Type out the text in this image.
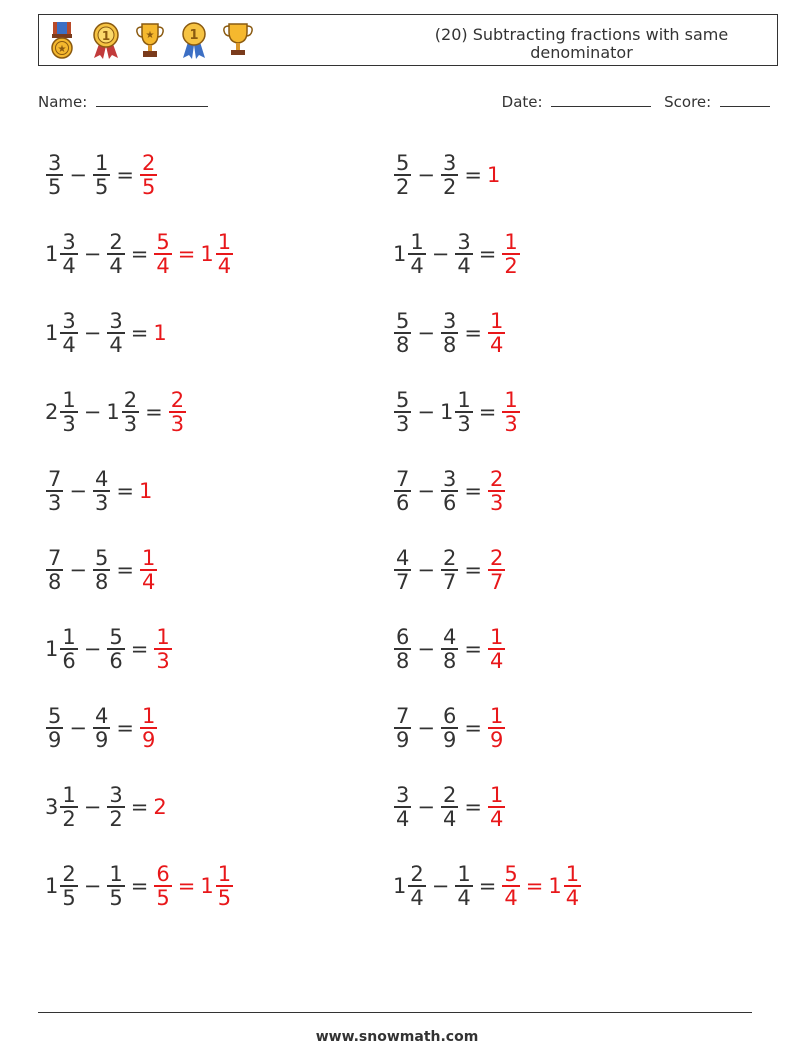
★
1	★	1	(20) Subtracting fractions with same denominator
Name:	Date:	Score:
$\frac{3}{5} - \frac{1}{5} = \frac{2}{5}$	$\frac{5}{2} - \frac{3}{2} = 1$
$1 \frac{3}{4} - \frac{2}{4} = \frac{5}{4} = 1 \frac{1}{4}$	$1 \frac{1}{4} - \frac{3}{4} = \frac{1}{2}$
$1 \frac{3}{4} - \frac{3}{4} = 1$	$\frac{5}{8} - \frac{3}{8} = \frac{1}{4}$
$2 \frac{1}{3} - 1 \frac{2}{3} = \frac{2}{3}$	$\frac{5}{3} - 1 \frac{1}{3} = \frac{1}{3}$
$\frac{7}{3} - \frac{4}{3} = 1$	$\frac{7}{6} - \frac{3}{6} = \frac{2}{3}$
$\frac{7}{8} - \frac{5}{8} = \frac{1}{4}$	$\frac{4}{7} - \frac{2}{7} = \frac{2}{7}$
$1 \frac{1}{6} - \frac{5}{6} = \frac{1}{3}$	$\frac{6}{8} - \frac{4}{8} = \frac{1}{4}$
$\frac{5}{9} - \frac{4}{9} = \frac{1}{9}$	$\frac{7}{9} - \frac{6}{9} = \frac{1}{9}$
$3 \frac{1}{2} - \frac{3}{2} = 2$	$\frac{3}{4} - \frac{2}{4} = \frac{1}{4}$
$1 \frac{2}{5} - \frac{1}{5} = \frac{6}{5} = 1 \frac{1}{5}$	$1 \frac{2}{4} - \frac{1}{4} = \frac{5}{4} = 1 \frac{1}{4}$
www.snowmath.com
